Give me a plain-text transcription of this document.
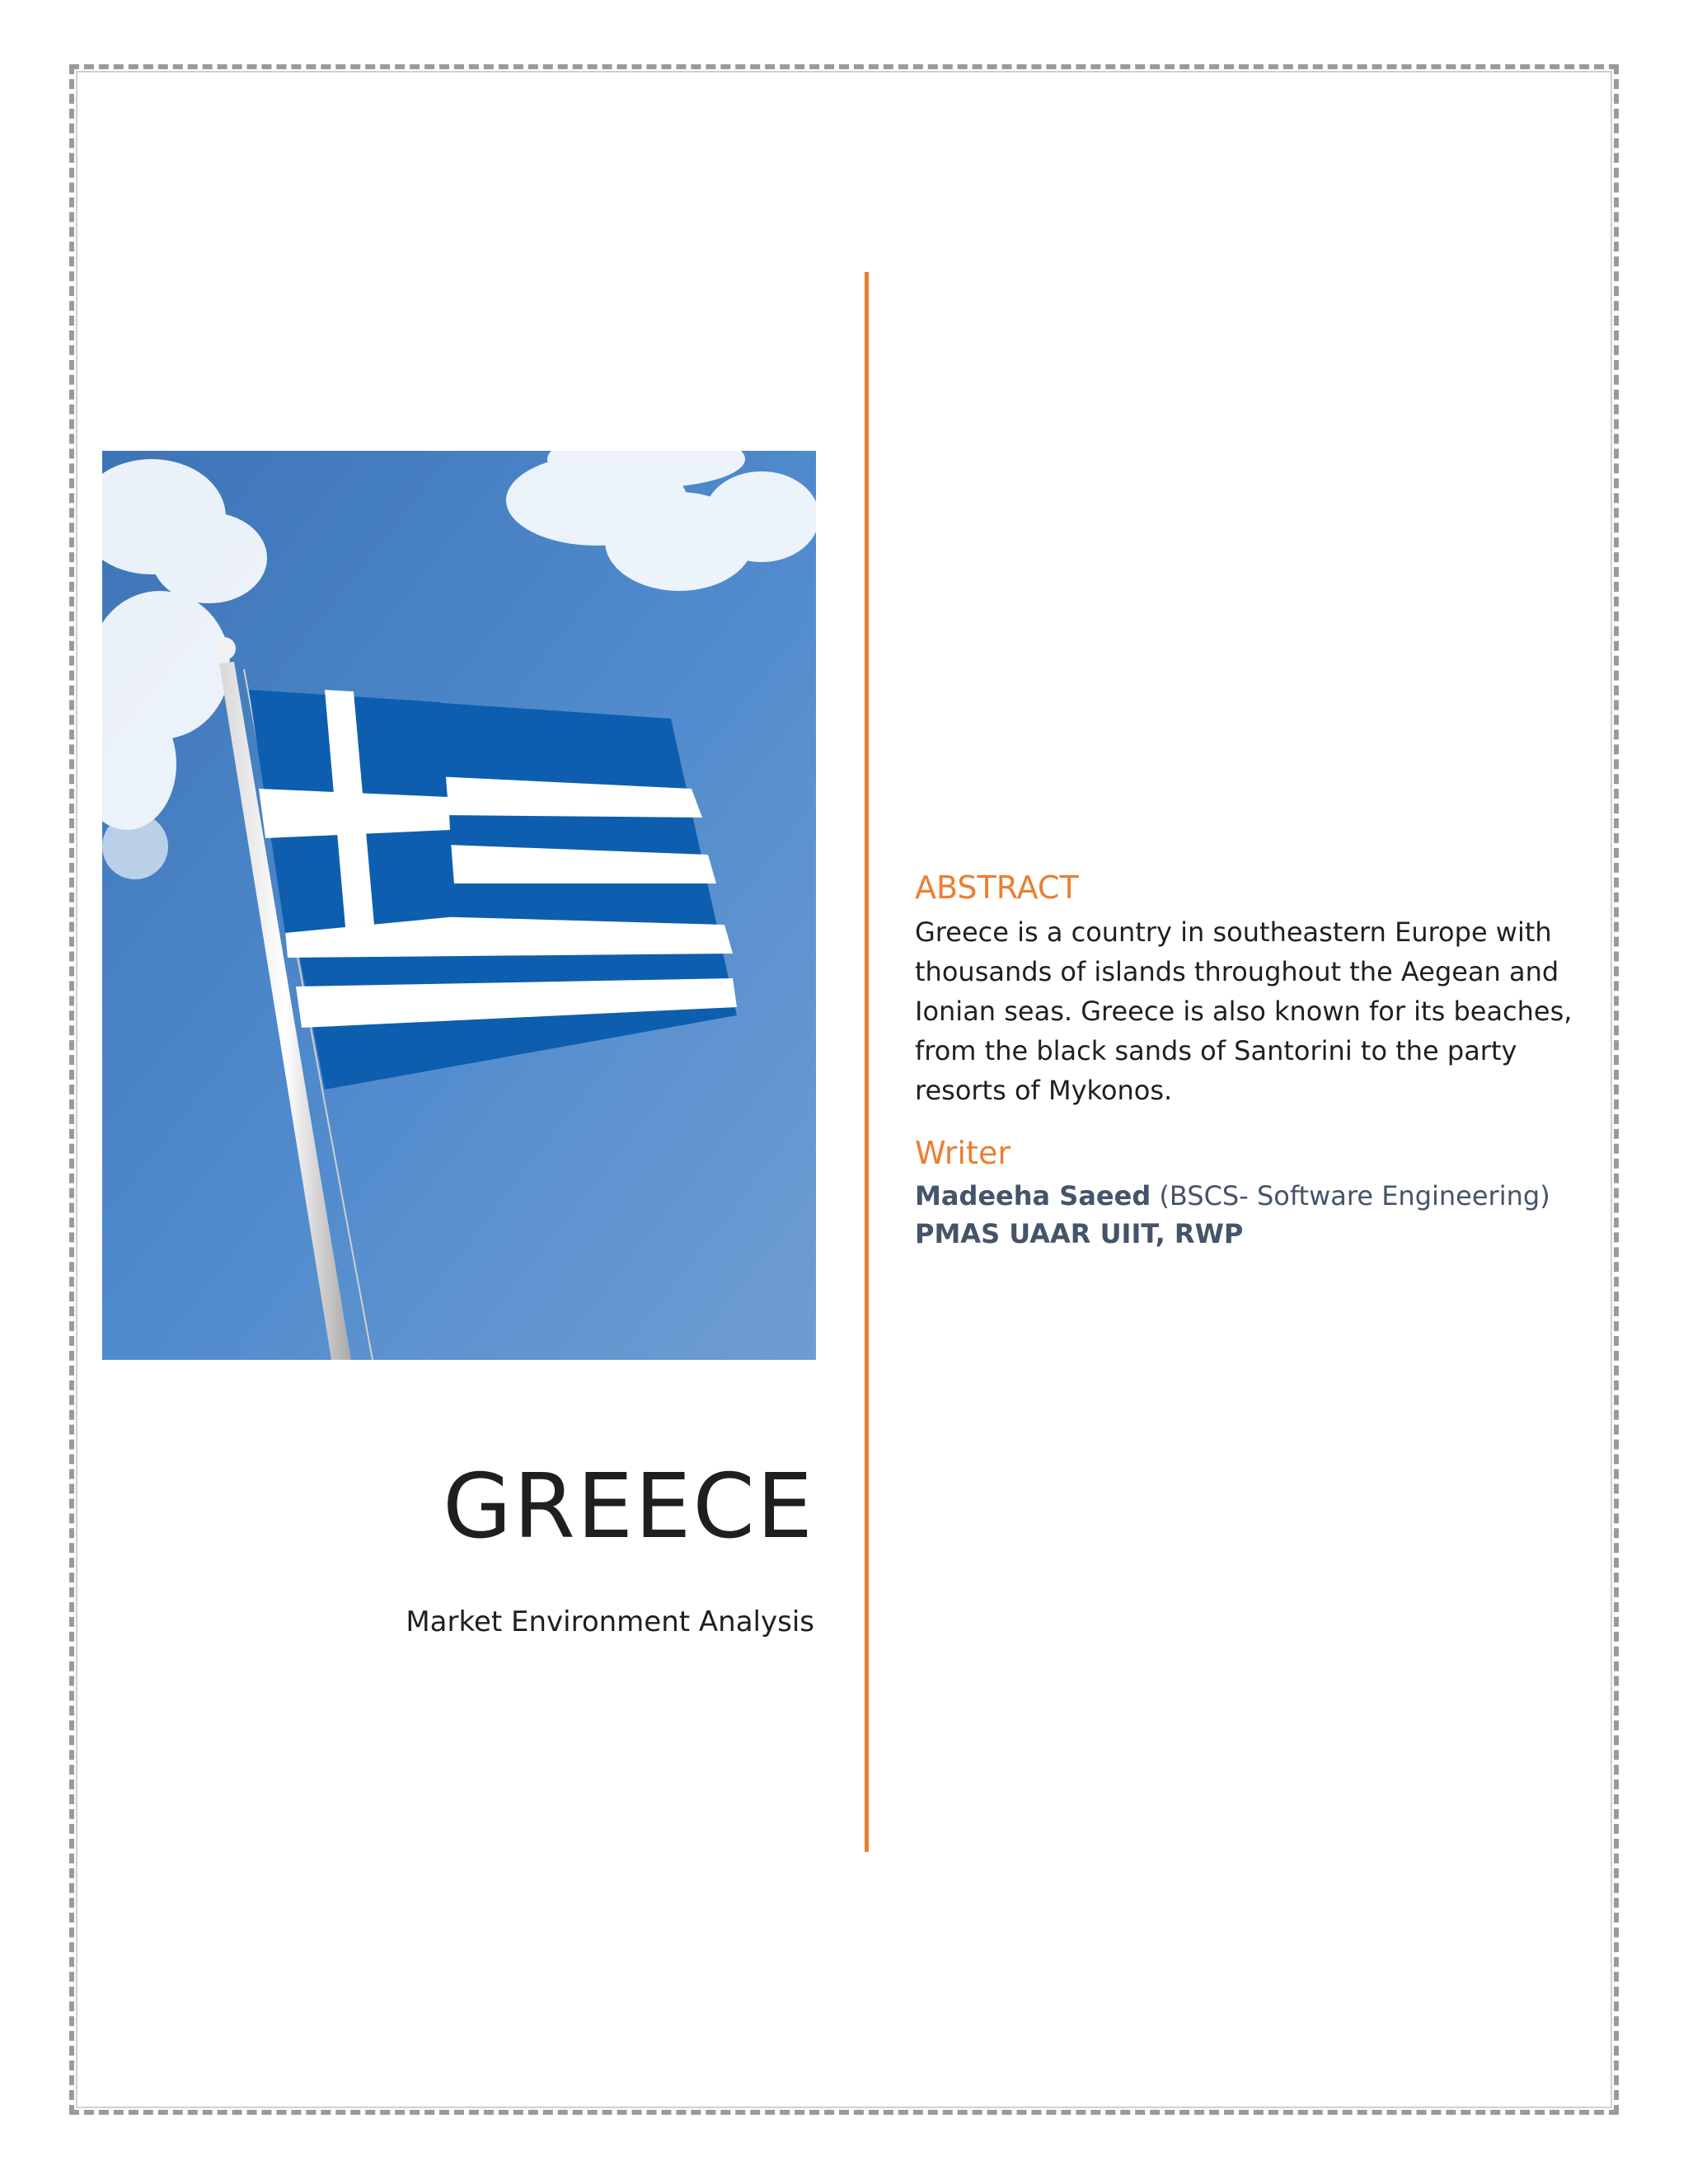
GREECE
Market Environment Analysis
ABSTRACT

Greece is a country in southeastern Europe with thousands of islands throughout the Aegean and Ionian seas. Greece is also known for its beaches, from the black sands of Santorini to the party resorts of Mykonos.

Writer

Madeeha Saeed (BSCS- Software Engineering)

PMAS UAAR UIIT, RWP
